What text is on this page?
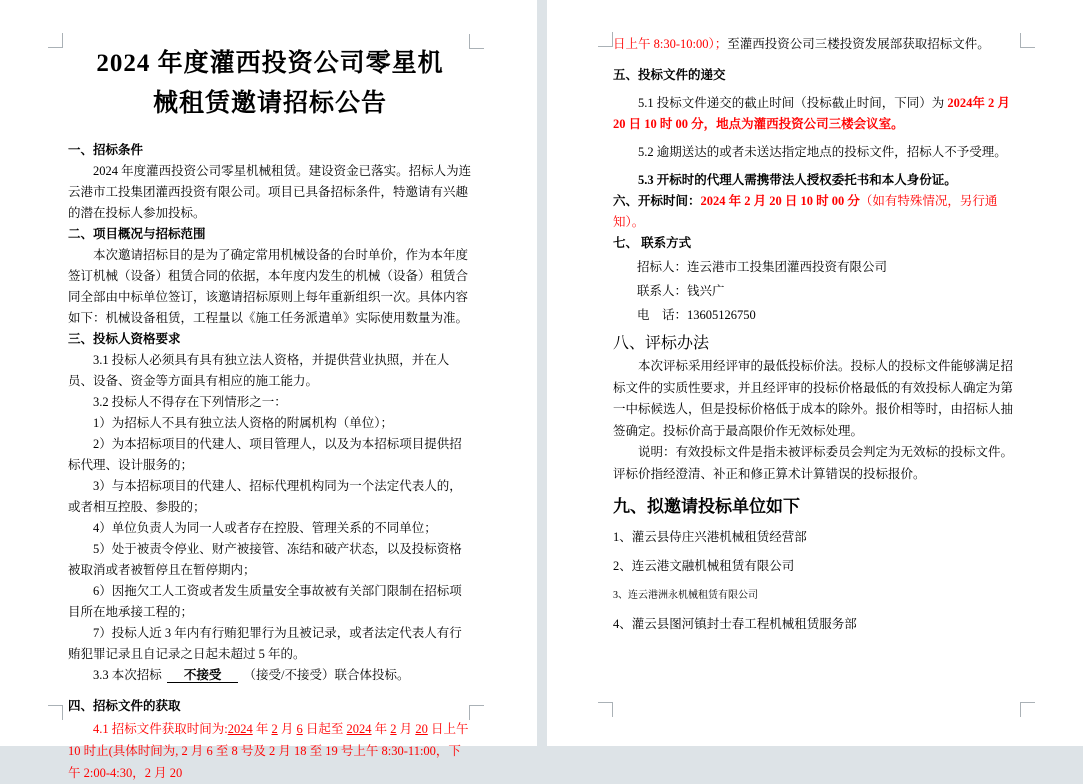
2024 年度灌西投资公司零星机
械租赁邀请招标公告

一、招标条件

2024 年度灌西投资公司零星机械租赁。建设资金已落实。招标人为连云港市工投集团灌西投资有限公司。项目已具备招标条件，特邀请有兴趣的潜在投标人参加投标。

二、项目概况与招标范围

本次邀请招标目的是为了确定常用机械设备的台时单价，作为本年度签订机械（设备）租赁合同的依据，本年度内发生的机械（设备）租赁合同全部由中标单位签订，该邀请招标原则上每年重新组织一次。具体内容如下：机械设备租赁，工程量以《施工任务派遣单》实际使用数量为准。

三、投标人资格要求

3.1 投标人必须具有具有独立法人资格，并提供营业执照，并在人员、设备、资金等方面具有相应的施工能力。

3.2 投标人不得存在下列情形之一：

1）为招标人不具有独立法人资格的附属机构（单位）；

2）为本招标项目的代建人、项目管理人，以及为本招标项目提供招标代理、设计服务的；

3）与本招标项目的代建人、招标代理机构同为一个法定代表人的，或者相互控股、参股的；

4）单位负责人为同一人或者存在控股、管理关系的不同单位；

5）处于被责令停业、财产被接管、冻结和破产状态，以及投标资格被取消或者被暂停且在暂停期内；

6）因拖欠工人工资或者发生质量安全事故被有关部门限制在招标项目所在地承接工程的；

7）投标人近 3 年内有行贿犯罪行为且被记录，或者法定代表人有行贿犯罪记录且自记录之日起未超过 5 年的。

3.3 本次招标 不接受 （接受/不接受）联合体投标。

四、招标文件的获取

4.1 招标文件获取时间为:2024 年 2 月 6 日起至 2024 年 2 月 20 日上午 10 时止(具体时间为, 2 月 6 至 8 号及 2 月 18 至 19 号上午 8:30-11:00，下午 2:00-4:30，2 月 20

日上午 8:30-10:00）；至灌西投资公司三楼投资发展部获取招标文件。

五、投标文件的递交

5.1 投标文件递交的截止时间（投标截止时间，下同）为 2024年 2 月 20 日 10 时 00 分，地点为灌西投资公司三楼会议室。

5.2 逾期送达的或者未送达指定地点的投标文件，招标人不予受理。

5.3 开标时的代理人需携带法人授权委托书和本人身份证。

六、开标时间：2024 年 2 月 20 日 10 时 00 分（如有特殊情况，另行通知）。

七、 联系方式

招标人：连云港市工投集团灌西投资有限公司

联系人：钱兴广

电　话：13605126750

八、评标办法

本次评标采用经评审的最低投标价法。投标人的投标文件能够满足招标文件的实质性要求，并且经评审的投标价格最低的有效投标人确定为第一中标候选人，但是投标价格低于成本的除外。报价相等时，由招标人抽签确定。投标价高于最高限价作无效标处理。

说明：有效投标文件是指未被评标委员会判定为无效标的投标文件。评标价指经澄清、补正和修正算术计算错误的投标报价。

九、拟邀请投标单位如下

1、灌云县侍庄兴港机械租赁经营部

2、连云港文融机械租赁有限公司

3、连云港洲永机械租赁有限公司

4、灌云县图河镇封士春工程机械租赁服务部
